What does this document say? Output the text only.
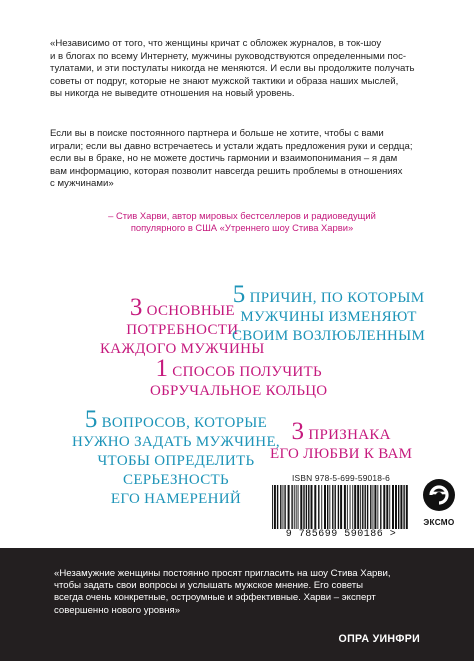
«Независимо от того, что женщины кричат с обложек журналов, в ток-шоу
и в блогах по всему Интернету, мужчины руководствуются определенными пос-
тулатами, и эти постулаты никогда не меняются. И если вы продолжите получать
советы от подруг, которые не знают мужской тактики и образа наших мыслей,
вы никогда не выведите отношения на новый уровень.

Если вы в поиске постоянного партнера и больше не хотите, чтобы с вами
играли; если вы давно встречаетесь и устали ждать предложения руки и сердца;
если вы в браке, но не можете достичь гармонии и взаимопонимания – я дам
вам информацию, которая позволит навсегда решить проблемы в отношениях
с мужчинами»

– Стив Харви, автор мировых бестселлеров и радиоведущий
популярного в США «Утреннего шоу Стива Харви»
3 ОСНОВНЫЕ
ПОТРЕБНОСТИ
КАЖДОГО МУЖЧИНЫ
5 ПРИЧИН, ПО КОТОРЫМ
МУЖЧИНЫ ИЗМЕНЯЮТ
СВОИМ ВОЗЛЮБЛЕННЫМ
1 СПОСОБ ПОЛУЧИТЬ
ОБРУЧАЛЬНОЕ КОЛЬЦО
5 ВОПРОСОВ, КОТОРЫЕ
НУЖНО ЗАДАТЬ МУЖЧИНЕ,
ЧТОБЫ ОПРЕДЕЛИТЬ
СЕРЬЕЗНОСТЬ
ЕГО НАМЕРЕНИЙ
3 ПРИЗНАКА
ЕГО ЛЮБВИ К ВАМ
ISBN 978-5-699-59018-6
9 785699 590186 >
ЭКСМО

«Незамужние женщины постоянно просят пригласить на шоу Стива Харви,
чтобы задать свои вопросы и услышать мужское мнение. Его советы
всегда очень конкретные, остроумные и эффективные. Харви – эксперт
совершенно нового уровня»

ОПРА УИНФРИ
